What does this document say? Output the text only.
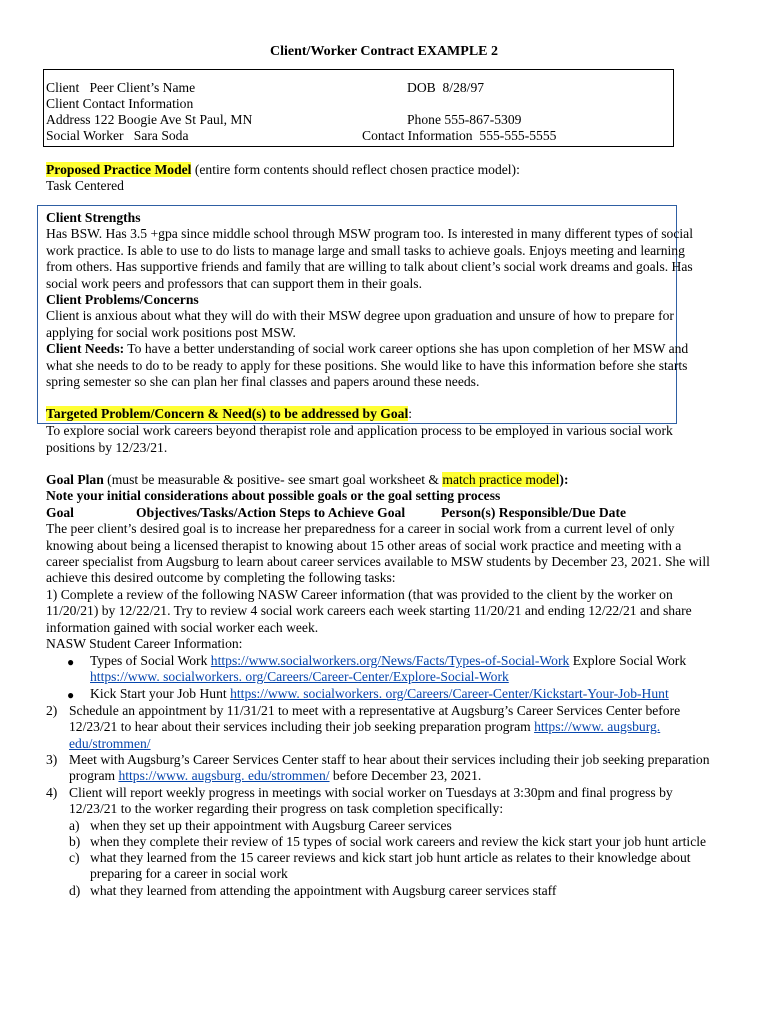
Client/Worker Contract EXAMPLE 2
Client Peer Client’s Name	DOB 8/28/97
Client Contact Information
Address 122 Boogie Ave St Paul, MN	Phone 555-867-5309
Social Worker Sara Soda	Contact Information 555-555-5555
Proposed Practice Model (entire form contents should reflect chosen practice model):
Task Centered
Client Strengths
Has BSW. Has 3.5 +gpa since middle school through MSW program too. Is interested in many different types of social
work practice. Is able to use to do lists to manage large and small tasks to achieve goals. Enjoys meeting and learning
from others. Has supportive friends and family that are willing to talk about client’s social work dreams and goals. Has
social work peers and professors that can support them in their goals.
Client Problems/Concerns
Client is anxious about what they will do with their MSW degree upon graduation and unsure of how to prepare for
applying for social work positions post MSW.
Client Needs: To have a better understanding of social work career options she has upon completion of her MSW and
what she needs to do to be ready to apply for these positions. She would like to have this information before she starts
spring semester so she can plan her final classes and papers around these needs.
Targeted Problem/Concern & Need(s) to be addressed by Goal:
To explore social work careers beyond therapist role and application process to be employed in various social work
positions by 12/23/21.
Goal Plan (must be measurable & positive- see smart goal worksheet & match practice model):
Note your initial considerations about possible goals or the goal setting process
Goal	Objectives/Tasks/Action Steps to Achieve Goal	Person(s) Responsible/Due Date
The peer client’s desired goal is to increase her preparedness for a career in social work from a current level of only
knowing about being a licensed therapist to knowing about 15 other areas of social work practice and meeting with a
career specialist from Augsburg to learn about career services available to MSW students by December 23, 2021. She will
achieve this desired outcome by completing the following tasks:
1) Complete a review of the following NASW Career information (that was provided to the client by the worker on
11/20/21) by 12/22/21. Try to review 4 social work careers each week starting 11/20/21 and ending 12/22/21 and share
information gained with social worker each week.
NASW Student Career Information:
● Types of Social Work https://www.socialworkers.org/News/Facts/Types-of-Social-Work Explore Social Work
https://www. socialworkers. org/Careers/Career-Center/Explore-Social-Work
● Kick Start your Job Hunt https://www. socialworkers. org/Careers/Career-Center/Kickstart-Your-Job-Hunt
2) Schedule an appointment by 11/31/21 to meet with a representative at Augsburg’s Career Services Center before
12/23/21 to hear about their services including their job seeking preparation program https://www. augsburg.
edu/strommen/
3) Meet with Augsburg’s Career Services Center staff to hear about their services including their job seeking preparation
program https://www. augsburg. edu/strommen/ before December 23, 2021.
4) Client will report weekly progress in meetings with social worker on Tuesdays at 3:30pm and final progress by
12/23/21 to the worker regarding their progress on task completion specifically:
a) when they set up their appointment with Augsburg Career services
b) when they complete their review of 15 types of social work careers and review the kick start your job hunt article
c) what they learned from the 15 career reviews and kick start job hunt article as relates to their knowledge about
preparing for a career in social work
d) what they learned from attending the appointment with Augsburg career services staff
